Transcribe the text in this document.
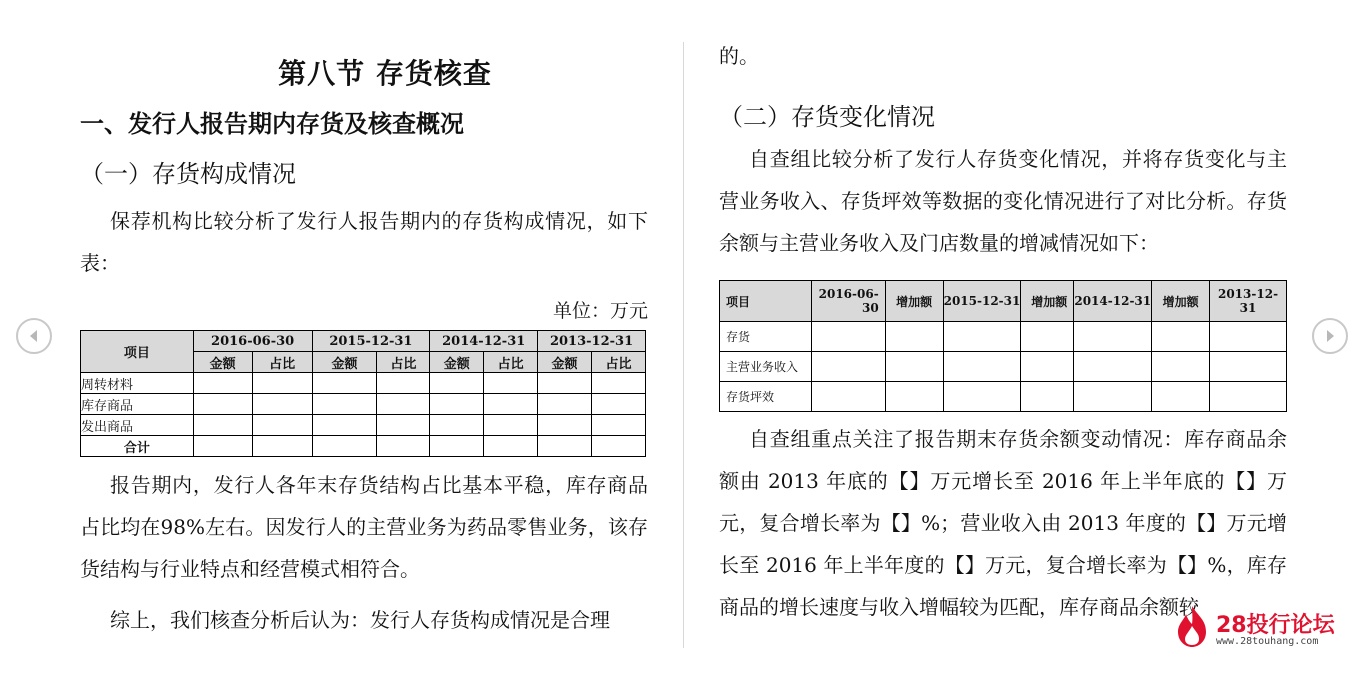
第八节 存货核查
一、发行人报告期内存货及核查概况
（一）存货构成情况
保荐机构比较分析了发行人报告期内的存货构成情况，如下表：
单位：万元
项目	2016-06-30		2015-12-31		2014-12-31		2013-12-31	
	金额	占比	金额	占比	金额	占比	金额	占比
周转材料								
库存商品								
发出商品								
合计								
报告期内，发行人各年末存货结构占比基本平稳，库存商品占比均在98%左右。因发行人的主营业务为药品零售业务，该存货结构与行业特点和经营模式相符合。
综上，我们核查分析后认为：发行人存货构成情况是合理
的。
（二）存货变化情况
自查组比较分析了发行人存货变化情况，并将存货变化与主营业务收入、存货坪效等数据的变化情况进行了对比分析。存货余额与主营业务收入及门店数量的增减情况如下：
项目	2016-06-30	增加额	2015-12-31	增加额	2014-12-31	增加额	2013-12-31
存货							
主营业务收入							
存货坪效							
自查组重点关注了报告期末存货余额变动情况：库存商品余额由 2013 年底的【】万元增长至 2016 年上半年底的【】万元，复合增长率为【】%；营业收入由 2013 年度的【】万元增长至 2016 年上半年度的【】万元，复合增长率为【】%，库存商品的增长速度与收入增幅较为匹配，库存商品余额较
28投行论坛
www.28touhang.com
